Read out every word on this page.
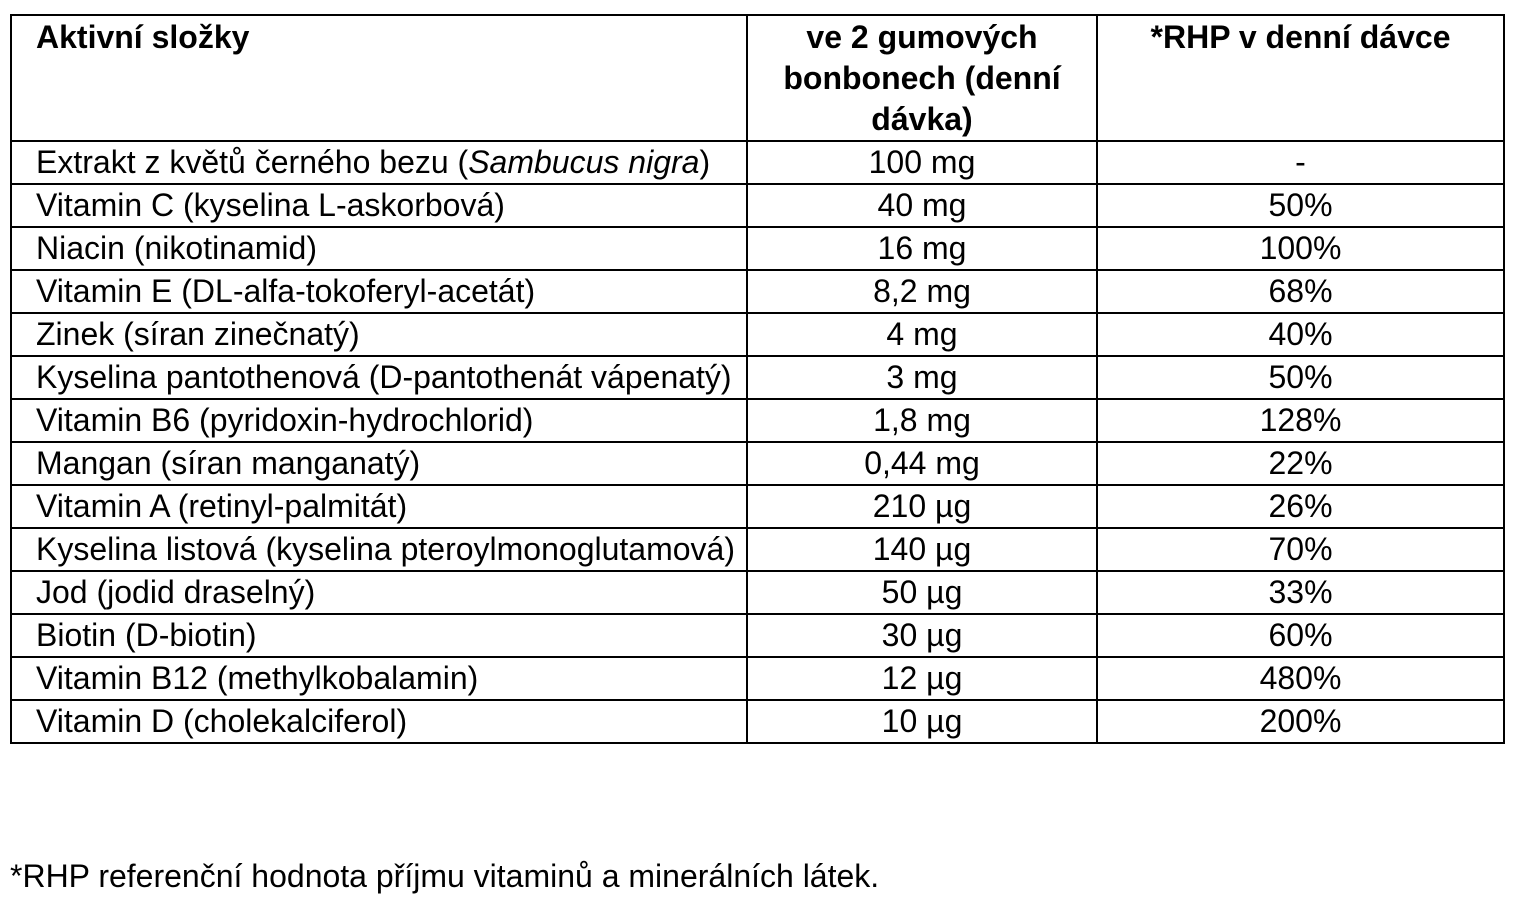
Aktivní složky	ve 2 gumových bonbonech (denní dávka)	*RHP v denní dávce
Extrakt z květů černého bezu (Sambucus nigra)	100 mg	-
Vitamin C (kyselina L-askorbová)	40 mg	50%
Niacin (nikotinamid)	16 mg	100%
Vitamin E (DL-alfa-tokoferyl-acetát)	8,2 mg	68%
Zinek (síran zinečnatý)	4 mg	40%
Kyselina pantothenová (D-pantothenát vápenatý)	3 mg	50%
Vitamin B6 (pyridoxin-hydrochlorid)	1,8 mg	128%
Mangan (síran manganatý)	0,44 mg	22%
Vitamin A (retinyl-palmitát)	210 µg	26%
Kyselina listová (kyselina pteroylmonoglutamová)	140 µg	70%
Jod (jodid draselný)	50 µg	33%
Biotin (D-biotin)	30 µg	60%
Vitamin B12 (methylkobalamin)	12 µg	480%
Vitamin D (cholekalciferol)	10 µg	200%
*RHP referenční hodnota příjmu vitaminů a minerálních látek.
